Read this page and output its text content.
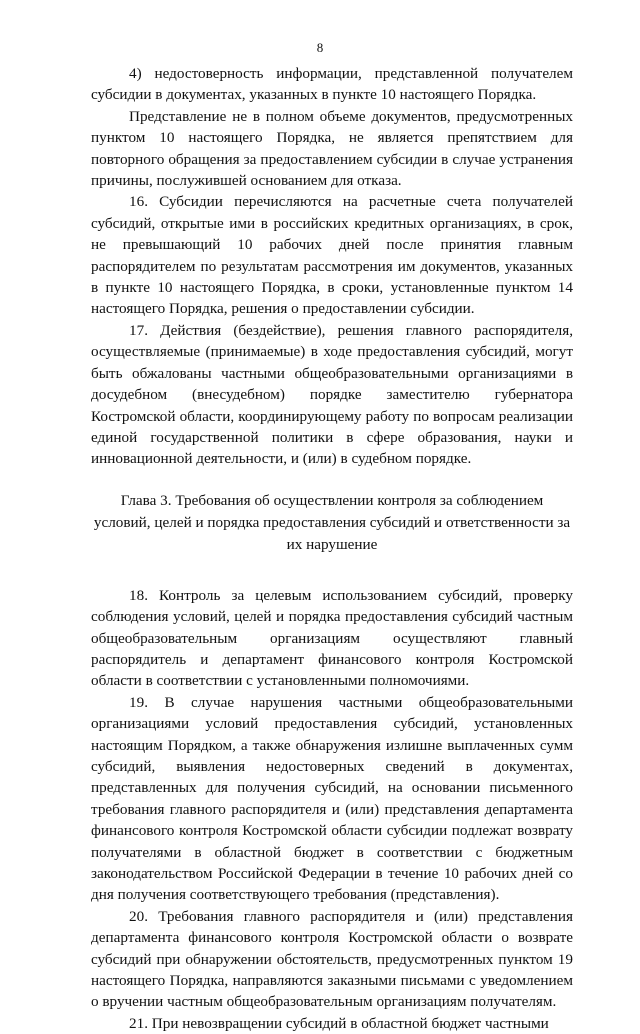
8

4) недостоверность информации, представленной получателем субсидии в документах, указанных в пункте 10 настоящего Порядка.

Представление не в полном объеме документов, предусмотренных пунктом 10 настоящего Порядка, не является препятствием для повторного обращения за предоставлением субсидии в случае устранения причины, послужившей основанием для отказа.

16. Субсидии перечисляются на расчетные счета получателей субсидий, открытые ими в российских кредитных организациях, в срок, не превышающий 10 рабочих дней после принятия главным распорядителем по результатам рассмотрения им документов, указанных в пункте 10 настоящего Порядка, в сроки, установленные пунктом 14 настоящего Порядка, решения о предоставлении субсидии.

17. Действия (бездействие), решения главного распорядителя, осуществляемые (принимаемые) в ходе предоставления субсидий, могут быть обжалованы частными общеобразовательными организациями в досудебном (внесудебном) порядке заместителю губернатора Костромской области, координирующему работу по вопросам реализации единой государственной политики в сфере образования, науки и инновационной деятельности, и (или) в судебном порядке.

Глава 3. Требования об осуществлении контроля за соблюдением условий, целей и порядка предоставления субсидий и ответственности за их нарушение

18. Контроль за целевым использованием субсидий, проверку соблюдения условий, целей и порядка предоставления субсидий частным общеобразовательным организациям осуществляют главный распорядитель и департамент финансового контроля Костромской области в соответствии с установленными полномочиями.

19. В случае нарушения частными общеобразовательными организациями условий предоставления субсидий, установленных настоящим Порядком, а также обнаружения излишне выплаченных сумм субсидий, выявления недостоверных сведений в документах, представленных для получения субсидий, на основании письменного требования главного распорядителя и (или) представления департамента финансового контроля Костромской области субсидии подлежат возврату получателями в областной бюджет в соответствии с бюджетным законодательством Российской Федерации в течение 10 рабочих дней со дня получения соответствующего требования (представления).

20. Требования главного распорядителя и (или) представления департамента финансового контроля Костромской области о возврате субсидий при обнаружении обстоятельств, предусмотренных пунктом 19 настоящего Порядка, направляются заказными письмами с уведомлением о вручении частным общеобразовательным организациям получателям.

21. При невозвращении субсидий в областной бюджет частными
